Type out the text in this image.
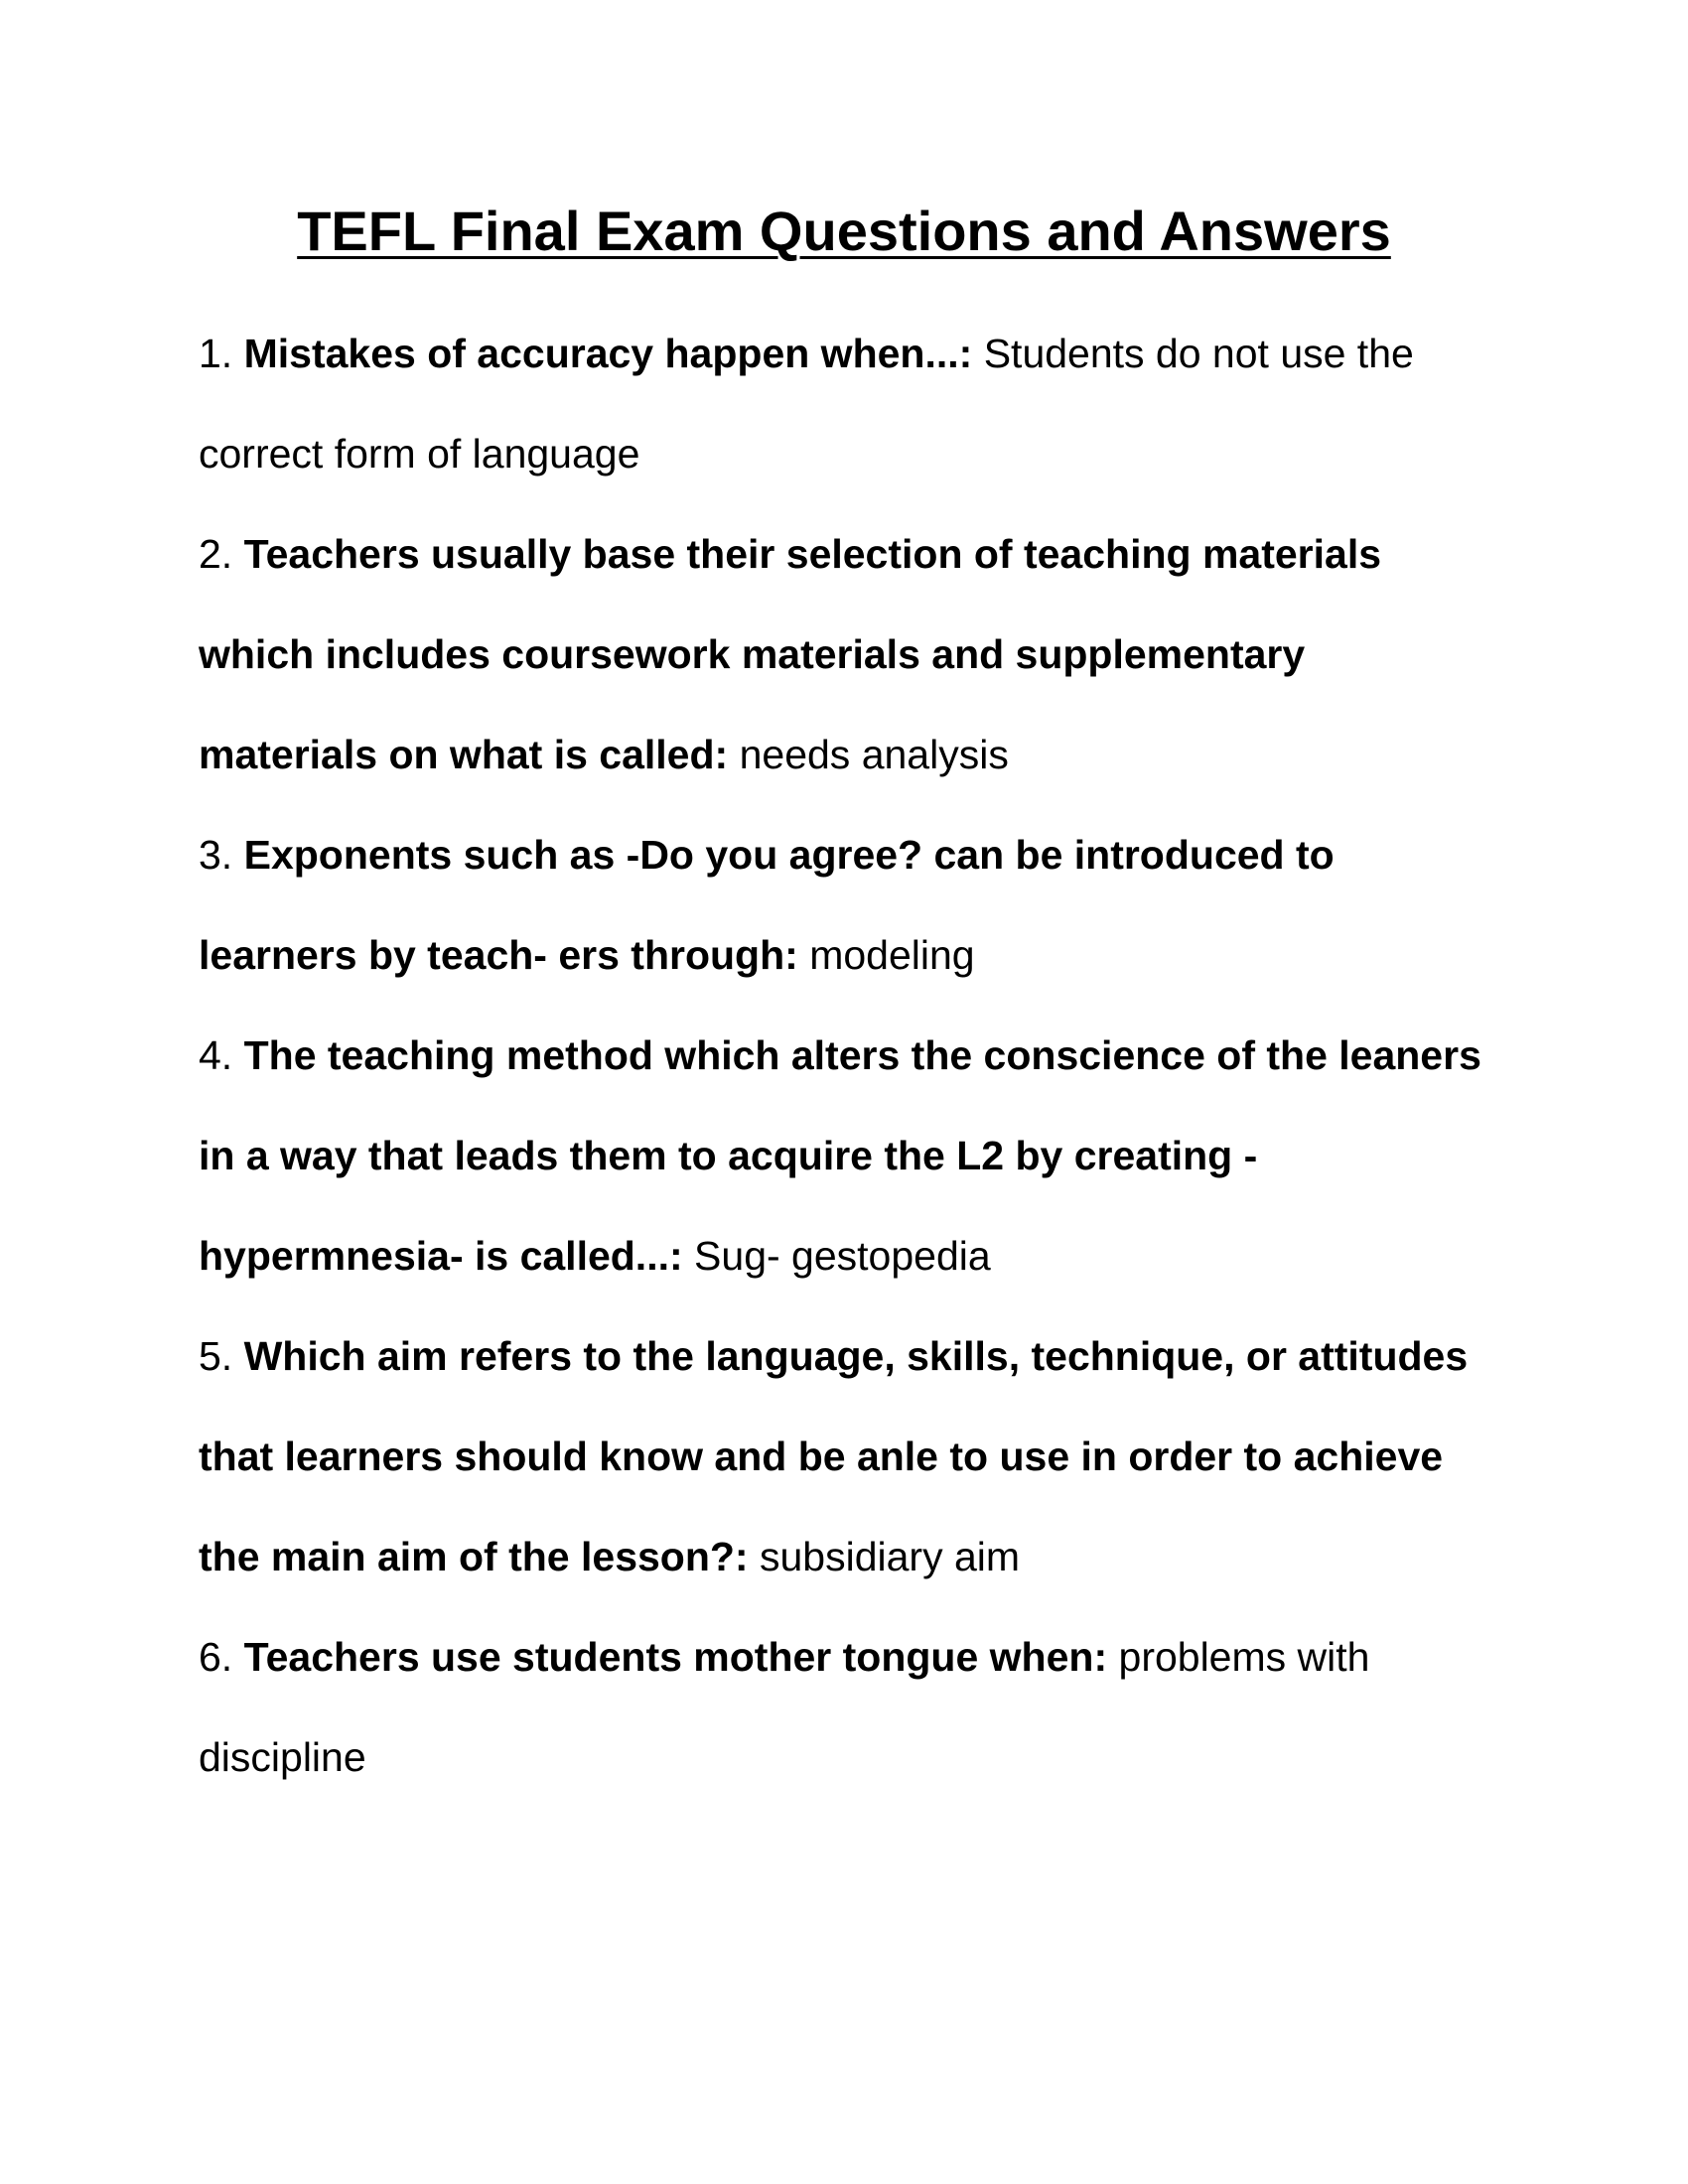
TEFL Final Exam Questions and Answers
1. Mistakes of accuracy happen when...: Students do not use the correct form of language
2. Teachers usually base their selection of teaching materials which includes coursework materials and supplementary materials on what is called: needs analysis
3. Exponents such as -Do you agree? can be introduced to learners by teach- ers through: modeling
4. The teaching method which alters the conscience of the leaners in a way that leads them to acquire the L2 by creating -hypermnesia- is called...: Sug- gestopedia
5. Which aim refers to the language, skills, technique, or attitudes that learners should know and be anle to use in order to achieve the main aim of the lesson?: subsidiary aim
6. Teachers use students mother tongue when: problems with discipline
